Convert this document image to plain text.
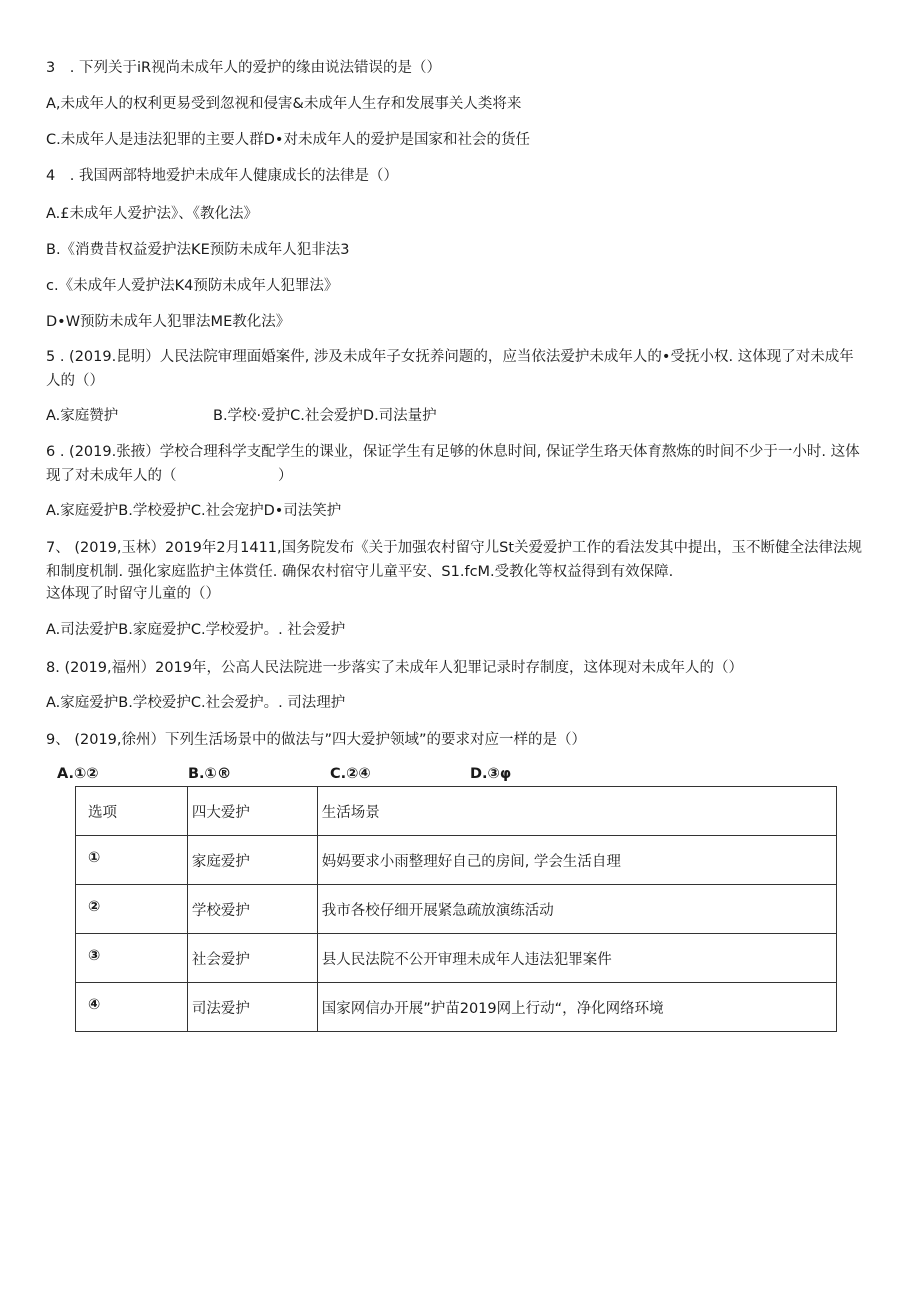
3　. 下列关于iR视尚未成年人的爱护的缘由说法错误的是（）
A,未成年人的权利更易受到忽视和侵害&未成年人生存和发展事关人类将来
C.未成年人是违法犯罪的主要人群D•对未成年人的爱护是国家和社会的货任
4　. 我国两部特地爱护未成年人健康成长的法律是（）
A.£未成年人爱护法》、《教化法》
B.《消费昔权益爱护法KE预防未成年人犯非法3
c.《未成年人爱护法K4预防未成年人犯罪法》
D•W预防未成年人犯罪法ME教化法》
5 . (2019.昆明）人民法院审理面婚案件, 涉及未成年子女抚养问题的，应当依法爱护未成年人的•受抚小权. 这体现了对未成年人的（）
A.家庭赞护	B.学校·爱护C.社会爱护D.司法量护
6 . (2019.张掖）学校合理科学支配学生的课业，保证学生有足够的休息时间, 保证学生珞天体育熬炼的时间不少于一小时. 这体现了对未成年人的（　　　　　　　）
A.家庭爱护B.学校爱护C.社会宠护D•司法笑护
7、 (2019,玉林）2019年2月1411,国务院发布《关于加强农村留守儿St关爱爱护工作的看法发其中提出，玉不断健全法律法规和制度机制. 强化家庭监护主体赏任. 确保农村宿守儿童平安、S1.fcM.受教化等权益得到有效保障.
这体现了时留守儿童的（）
A.司法爱护B.家庭爱护C.学校爱护。. 社会爱护
8. (2019,福州）2019年，公高人民法院进一步落实了未成年人犯罪记录时存制度，这体现对未成年人的（）
A.家庭爱护B.学校爱护C.社会爱护。. 司法理护
9、 (2019,徐州）下列生活场景中的做法与”四大爱护领域”的要求对应一样的是（）
A.①②	B.①®	C.②④	D.③φ
选项	四大爱护	生活场景
①	家庭爱护	妈妈要求小雨整理好自己的房间, 学会生活自理
②	学校爱护	我市各校仔细开展紧急疏放演练活动
③	社会爱护	县人民法院不公开审理未成年人违法犯罪案件
④	司法爱护	国家网信办开展”护苗2019网上行动“，净化网络环境
